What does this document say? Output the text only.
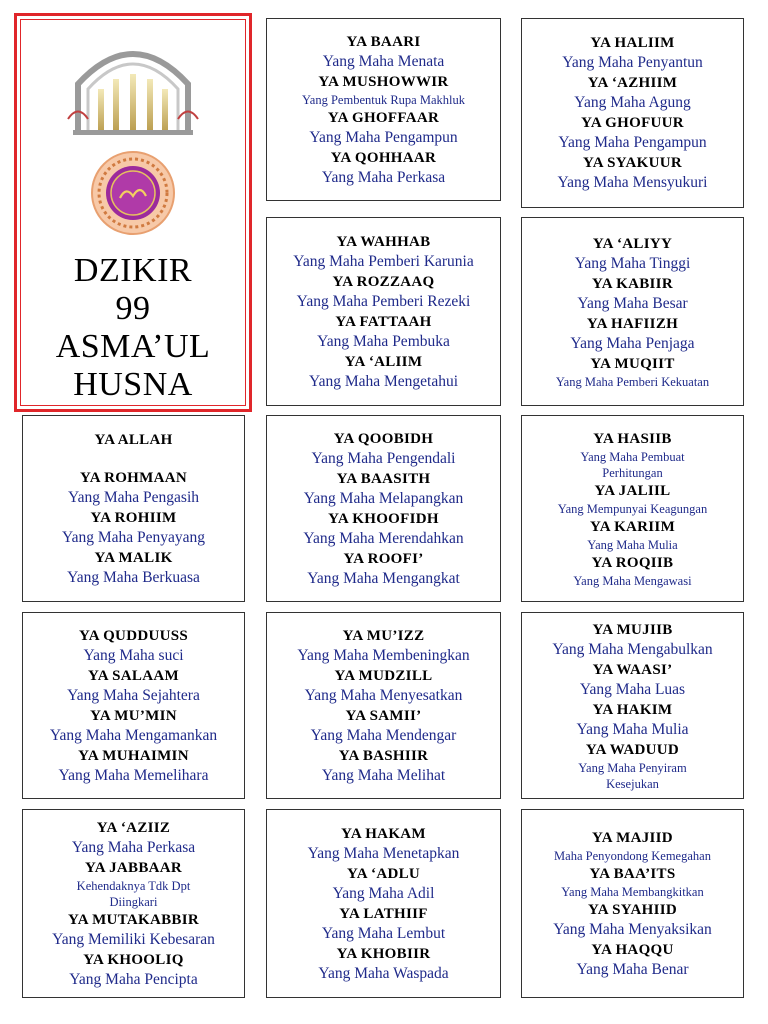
DZIKIR
99
ASMA’UL
HUSNA
YA BAARI
Yang Maha Menata
YA MUSHOWWIR
Yang Pembentuk Rupa Makhluk
YA GHOFFAAR
Yang Maha Pengampun
YA QOHHAAR
Yang Maha Perkasa
YA HALIIM
Yang Maha Penyantun
YA ‘AZHIIM
Yang Maha Agung
YA GHOFUUR
Yang Maha Pengampun
YA SYAKUUR
Yang Maha Mensyukuri
YA WAHHAB
Yang Maha Pemberi Karunia
YA ROZZAAQ
Yang Maha Pemberi Rezeki
YA FATTAAH
Yang Maha Pembuka
YA ‘ALIIM
Yang Maha Mengetahui
YA ‘ALIYY
Yang Maha Tinggi
YA KABIIR
Yang Maha Besar
YA HAFIIZH
Yang Maha Penjaga
YA MUQIIT
Yang Maha Pemberi Kekuatan
YA ALLAH
YA ROHMAAN
Yang Maha Pengasih
YA ROHIIM
Yang Maha Penyayang
YA MALIK
Yang Maha Berkuasa
YA QOOBIDH
Yang Maha Pengendali
YA BAASITH
Yang Maha Melapangkan
YA KHOOFIDH
Yang Maha Merendahkan
YA ROOFI’
Yang Maha Mengangkat
YA HASIIB
Yang Maha Pembuat
Perhitungan
YA JALIIL
Yang Mempunyai Keagungan
YA KARIIM
Yang Maha Mulia
YA ROQIIB
Yang Maha Mengawasi
YA QUDDUUSS
Yang Maha suci
YA SALAAM
Yang Maha Sejahtera
YA MU’MIN
Yang Maha Mengamankan
YA MUHAIMIN
Yang Maha Memelihara
YA MU’IZZ
Yang Maha Membeningkan
YA MUDZILL
Yang Maha Menyesatkan
YA SAMII’
Yang Maha Mendengar
YA BASHIIR
Yang Maha Melihat
YA MUJIIB
Yang Maha Mengabulkan
YA WAASI’
Yang Maha Luas
YA HAKIM
Yang Maha Mulia
YA WADUUD
Yang Maha Penyiram
Kesejukan
YA ‘AZIIZ
Yang Maha Perkasa
YA JABBAAR
Kehendaknya Tdk Dpt
Diingkari
YA MUTAKABBIR
Yang Memiliki Kebesaran
YA KHOOLIQ
Yang Maha Pencipta
YA HAKAM
Yang Maha Menetapkan
YA ‘ADLU
Yang Maha Adil
YA LATHIIF
Yang Maha Lembut
YA KHOBIIR
Yang Maha Waspada
YA MAJIID
Maha Penyondong Kemegahan
YA BAA’ITS
Yang Maha Membangkitkan
YA SYAHIID
Yang Maha Menyaksikan
YA HAQQU
Yang Maha Benar
